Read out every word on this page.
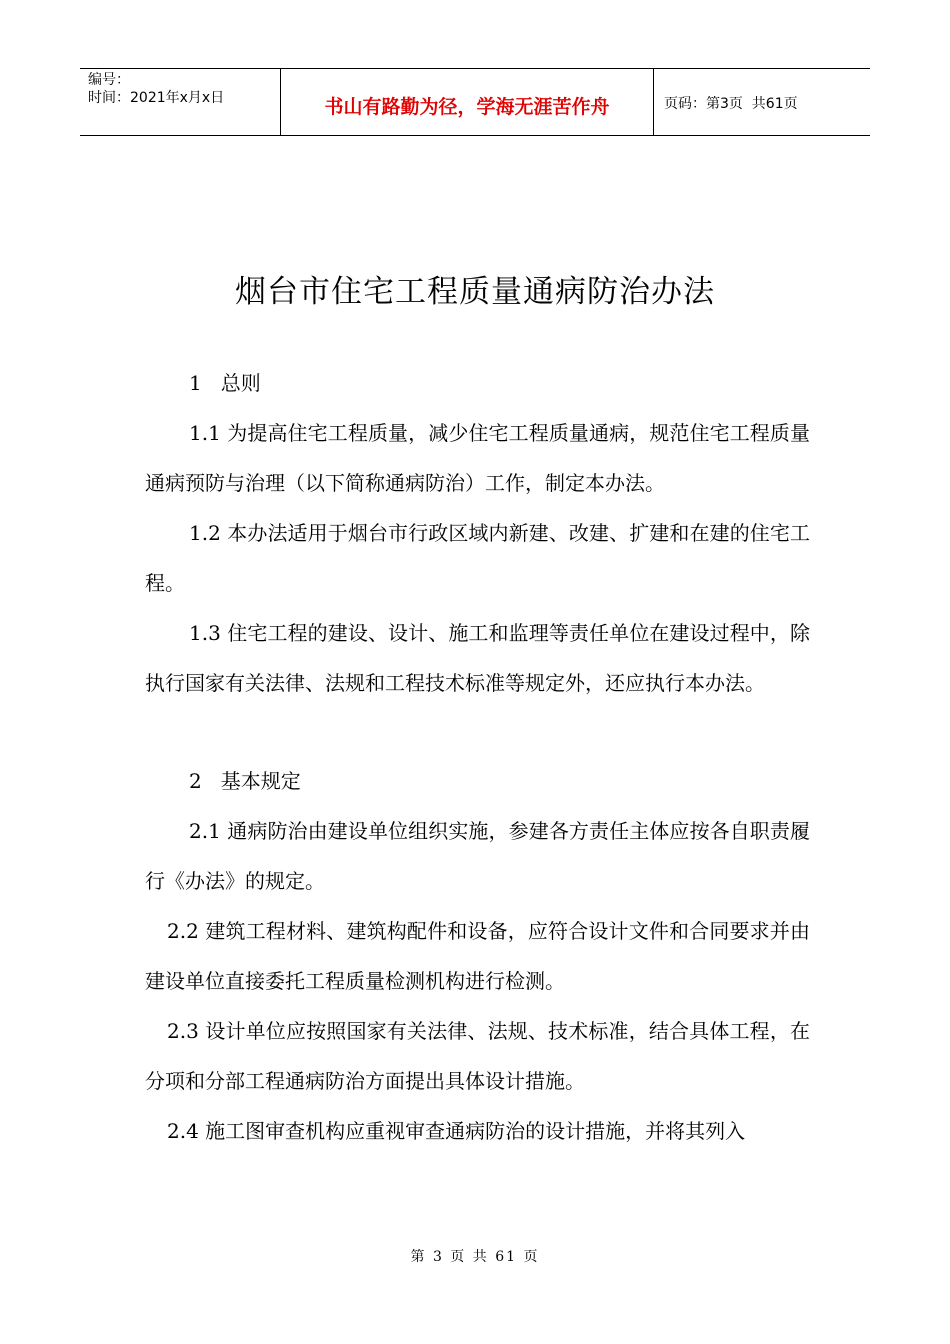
编号：
时间：2021年x月x日	书山有路勤为径，学海无涯苦作舟	页码：第3页  共61页
烟台市住宅工程质量通病防治办法

1   总则

1.1 为提高住宅工程质量，减少住宅工程质量通病，规范住宅工程质量通病预防与治理（以下简称通病防治）工作，制定本办法。

1.2 本办法适用于烟台市行政区域内新建、改建、扩建和在建的住宅工程。

1.3 住宅工程的建设、设计、施工和监理等责任单位在建设过程中，除执行国家有关法律、法规和工程技术标准等规定外，还应执行本办法。

2   基本规定

2.1 通病防治由建设单位组织实施，参建各方责任主体应按各自职责履行《办法》的规定。

2.2 建筑工程材料、建筑构配件和设备，应符合设计文件和合同要求并由建设单位直接委托工程质量检测机构进行检测。

2.3 设计单位应按照国家有关法律、法规、技术标准，结合具体工程，在分项和分部工程通病防治方面提出具体设计措施。

2.4 施工图审查机构应重视审查通病防治的设计措施，并将其列入

第 3 页 共 61 页
